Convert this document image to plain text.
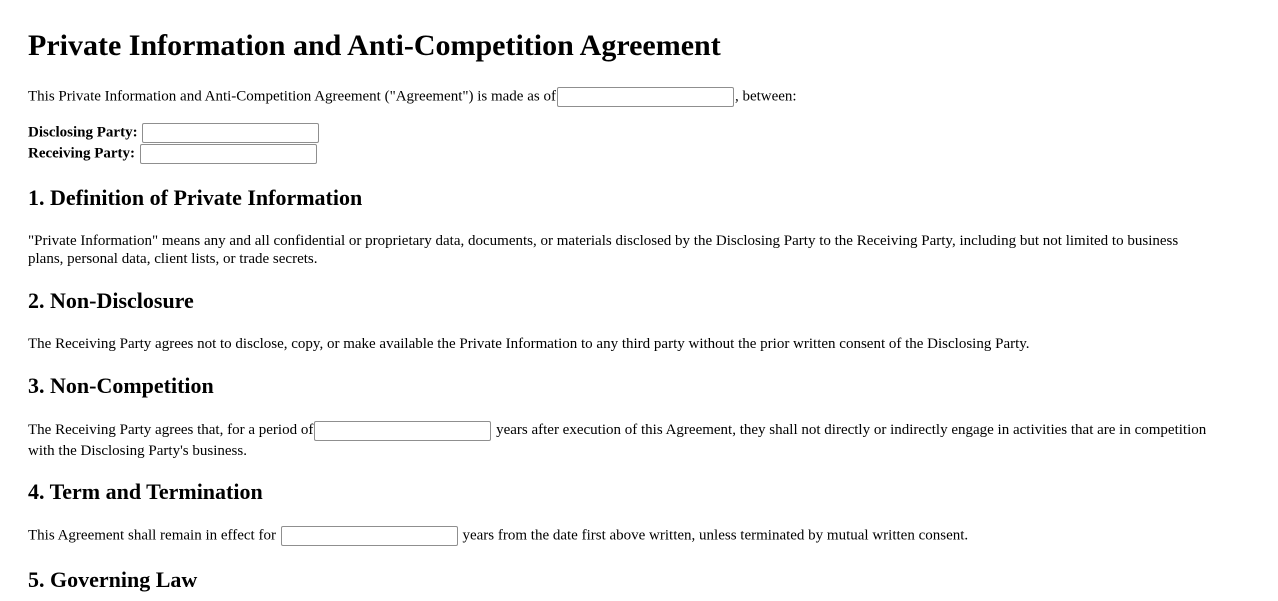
Private Information and Anti-Competition Agreement
This Private Information and Anti-Competition Agreement ("Agreement") is made as of	, between:
Disclosing Party:
Receiving Party:
1. Definition of Private Information
"Private Information" means any and all confidential or proprietary data, documents, or materials disclosed by the Disclosing Party to the Receiving Party, including but not limited to business plans, personal data, client lists, or trade secrets.
2. Non-Disclosure
The Receiving Party agrees not to disclose, copy, or make available the Private Information to any third party without the prior written consent of the Disclosing Party.
3. Non-Competition
The Receiving Party agrees that, for a period of	years after execution of this Agreement, they shall not directly or indirectly engage in activities that are in competition with the Disclosing Party's business.
4. Term and Termination
This Agreement shall remain in effect for	years from the date first above written, unless terminated by mutual written consent.
5. Governing Law
